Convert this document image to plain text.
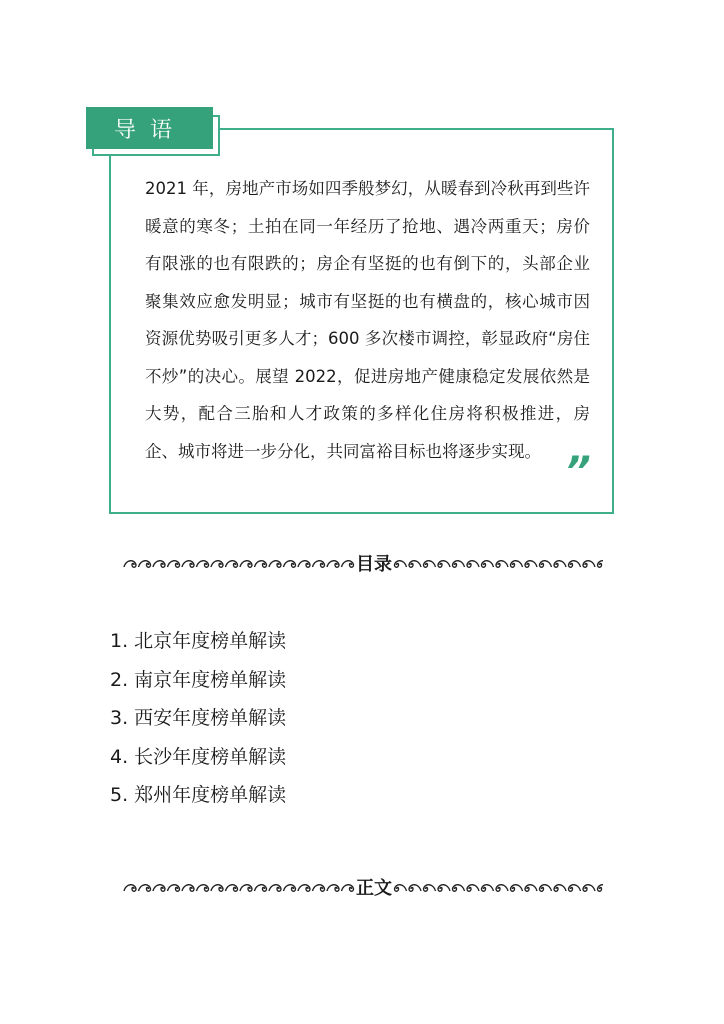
导语

2021 年，房地产市场如四季般梦幻，从暖春到冷秋再到些许暖意的寒冬；土拍在同一年经历了抢地、遇冷两重天；房价有限涨的也有限跌的；房企有坚挺的也有倒下的，头部企业聚集效应愈发明显；城市有坚挺的也有横盘的，核心城市因资源优势吸引更多人才；600 多次楼市调控，彰显政府“房住不炒”的决心。展望 2022，促进房地产健康稳定发展依然是大势，配合三胎和人才政策的多样化住房将积极推进，房企、城市将进一步分化，共同富裕目标也将逐步实现。 ”
目录
1. 北京年度榜单解读
2. 南京年度榜单解读
3. 西安年度榜单解读
4. 长沙年度榜单解读
5. 郑州年度榜单解读
正文
